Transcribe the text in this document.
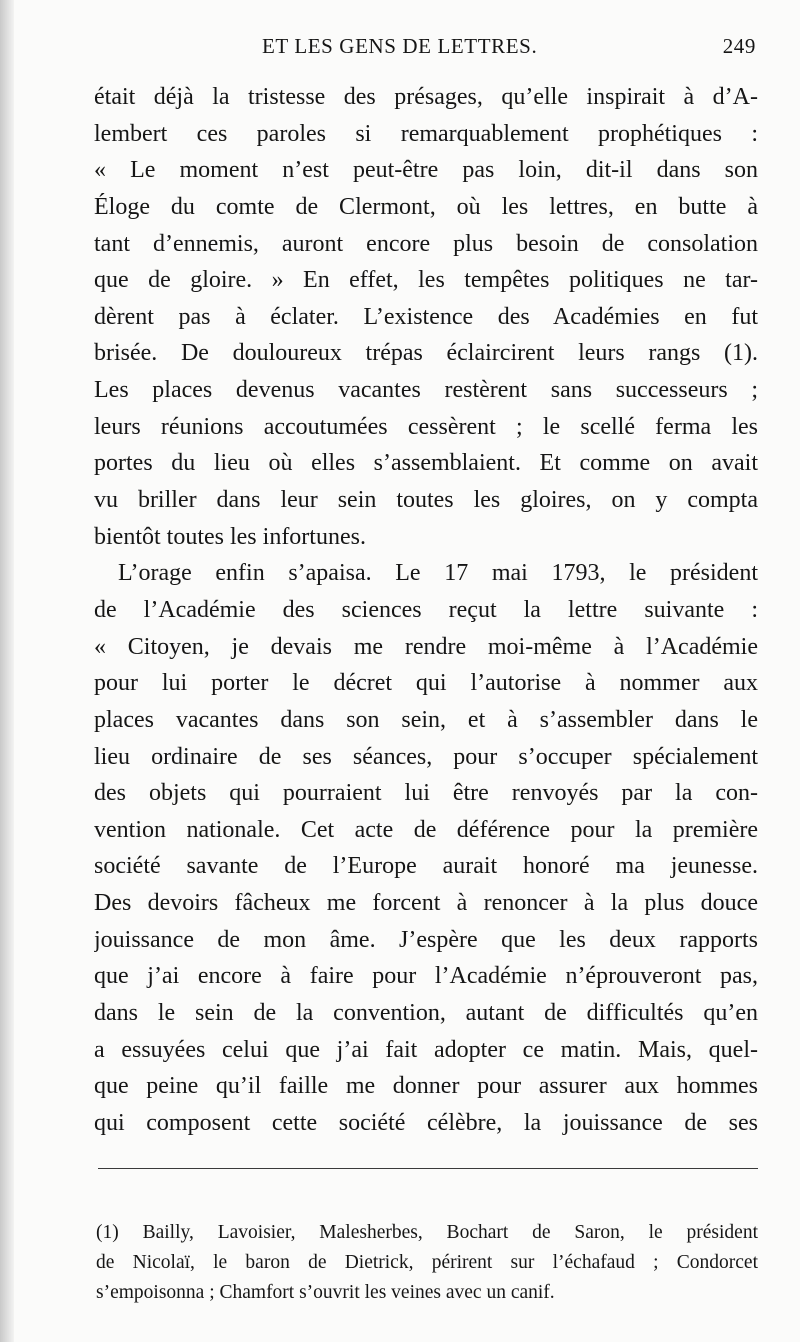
ET LES GENS DE LETTRES.	249
était déjà la tristesse des présages, qu’elle inspirait à d’A-
lembert ces paroles si remarquablement prophétiques :
« Le moment n’est peut-être pas loin, dit-il dans son
Éloge du comte de Clermont, où les lettres, en butte à
tant d’ennemis, auront encore plus besoin de consolation
que de gloire. » En effet, les tempêtes politiques ne tar-
dèrent pas à éclater. L’existence des Académies en fut
brisée. De douloureux trépas éclaircirent leurs rangs (1).
Les places devenus vacantes restèrent sans successeurs ;
leurs réunions accoutumées cessèrent ; le scellé ferma les
portes du lieu où elles s’assemblaient. Et comme on avait
vu briller dans leur sein toutes les gloires, on y compta
bientôt toutes les infortunes.
L’orage enfin s’apaisa. Le 17 mai 1793, le président
de l’Académie des sciences reçut la lettre suivante :
« Citoyen, je devais me rendre moi-même à l’Académie
pour lui porter le décret qui l’autorise à nommer aux
places vacantes dans son sein, et à s’assembler dans le
lieu ordinaire de ses séances, pour s’occuper spécialement
des objets qui pourraient lui être renvoyés par la con-
vention nationale. Cet acte de déférence pour la première
société savante de l’Europe aurait honoré ma jeunesse.
Des devoirs fâcheux me forcent à renoncer à la plus douce
jouissance de mon âme. J’espère que les deux rapports
que j’ai encore à faire pour l’Académie n’éprouveront pas,
dans le sein de la convention, autant de difficultés qu’en
a essuyées celui que j’ai fait adopter ce matin. Mais, quel-
que peine qu’il faille me donner pour assurer aux hommes
qui composent cette société célèbre, la jouissance de ses
(1) Bailly, Lavoisier, Malesherbes, Bochart de Saron, le président
de Nicolaï, le baron de Dietrick, périrent sur l’échafaud ; Condorcet
s’empoisonna ; Chamfort s’ouvrit les veines avec un canif.
